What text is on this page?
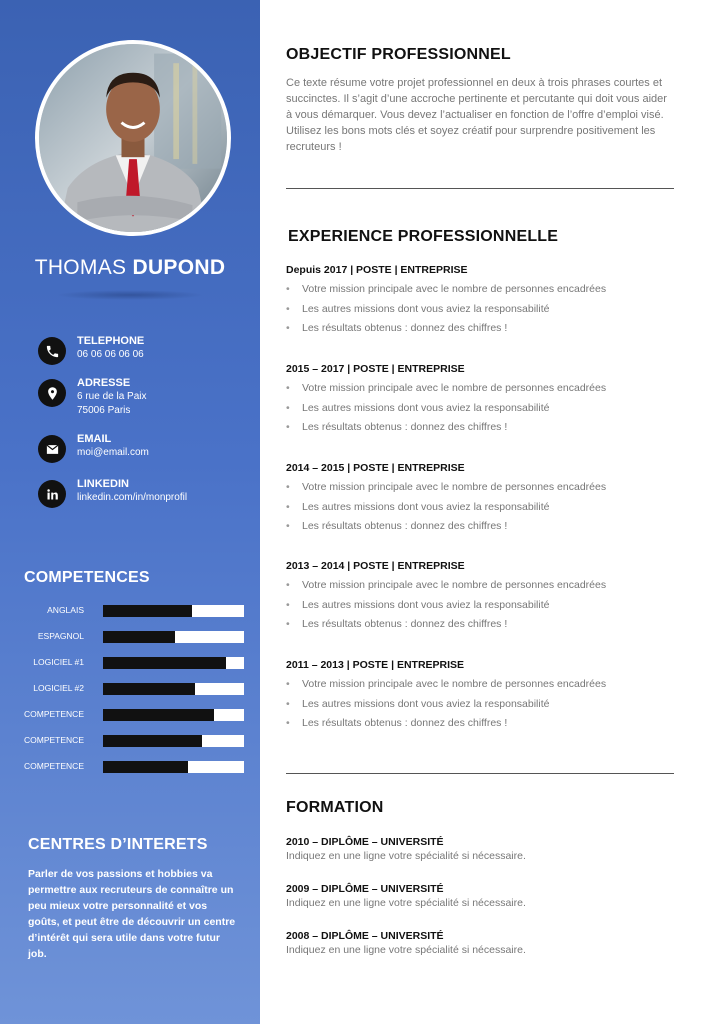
THOMAS DUPOND
TELEPHONE
06 06 06 06 06
ADRESSE
6 rue de la Paix
75006 Paris
EMAIL
moi@email.com
LINKEDIN
linkedin.com/in/monprofil
COMPETENCES
ANGLAIS
ESPAGNOL
LOGICIEL #1
LOGICIEL #2
COMPETENCE
COMPETENCE
COMPETENCE
CENTRES D’INTERETS
Parler de vos passions et hobbies va permettre aux recruteurs de connaître un peu mieux votre personnalité et vos goûts, et peut être de découvrir un centre d’intérêt qui sera utile dans votre futur job.
OBJECTIF PROFESSIONNEL
Ce texte résume votre projet professionnel en deux à trois phrases courtes et succinctes. Il s’agit d’une accroche pertinente et percutante qui doit vous aider à vous démarquer. Vous devez l’actualiser en fonction de l’offre d’emploi visé. Utilisez les bons mots clés et soyez créatif pour surprendre positivement les recruteurs !
EXPERIENCE PROFESSIONNELLE
Depuis 2017 | POSTE | ENTREPRISE
• Votre mission principale avec le nombre de personnes encadrées
• Les autres missions dont vous aviez la responsabilité
• Les résultats obtenus : donnez des chiffres !
2015 – 2017 | POSTE | ENTREPRISE
• Votre mission principale avec le nombre de personnes encadrées
• Les autres missions dont vous aviez la responsabilité
• Les résultats obtenus : donnez des chiffres !
2014 – 2015 | POSTE | ENTREPRISE
• Votre mission principale avec le nombre de personnes encadrées
• Les autres missions dont vous aviez la responsabilité
• Les résultats obtenus : donnez des chiffres !
2013 – 2014 | POSTE | ENTREPRISE
• Votre mission principale avec le nombre de personnes encadrées
• Les autres missions dont vous aviez la responsabilité
• Les résultats obtenus : donnez des chiffres !
2011 – 2013 | POSTE | ENTREPRISE
• Votre mission principale avec le nombre de personnes encadrées
• Les autres missions dont vous aviez la responsabilité
• Les résultats obtenus : donnez des chiffres !
FORMATION
2010 – DIPLÔME – UNIVERSITÉ
Indiquez en une ligne votre spécialité si nécessaire.
2009 – DIPLÔME – UNIVERSITÉ
Indiquez en une ligne votre spécialité si nécessaire.
2008 – DIPLÔME – UNIVERSITÉ
Indiquez en une ligne votre spécialité si nécessaire.
